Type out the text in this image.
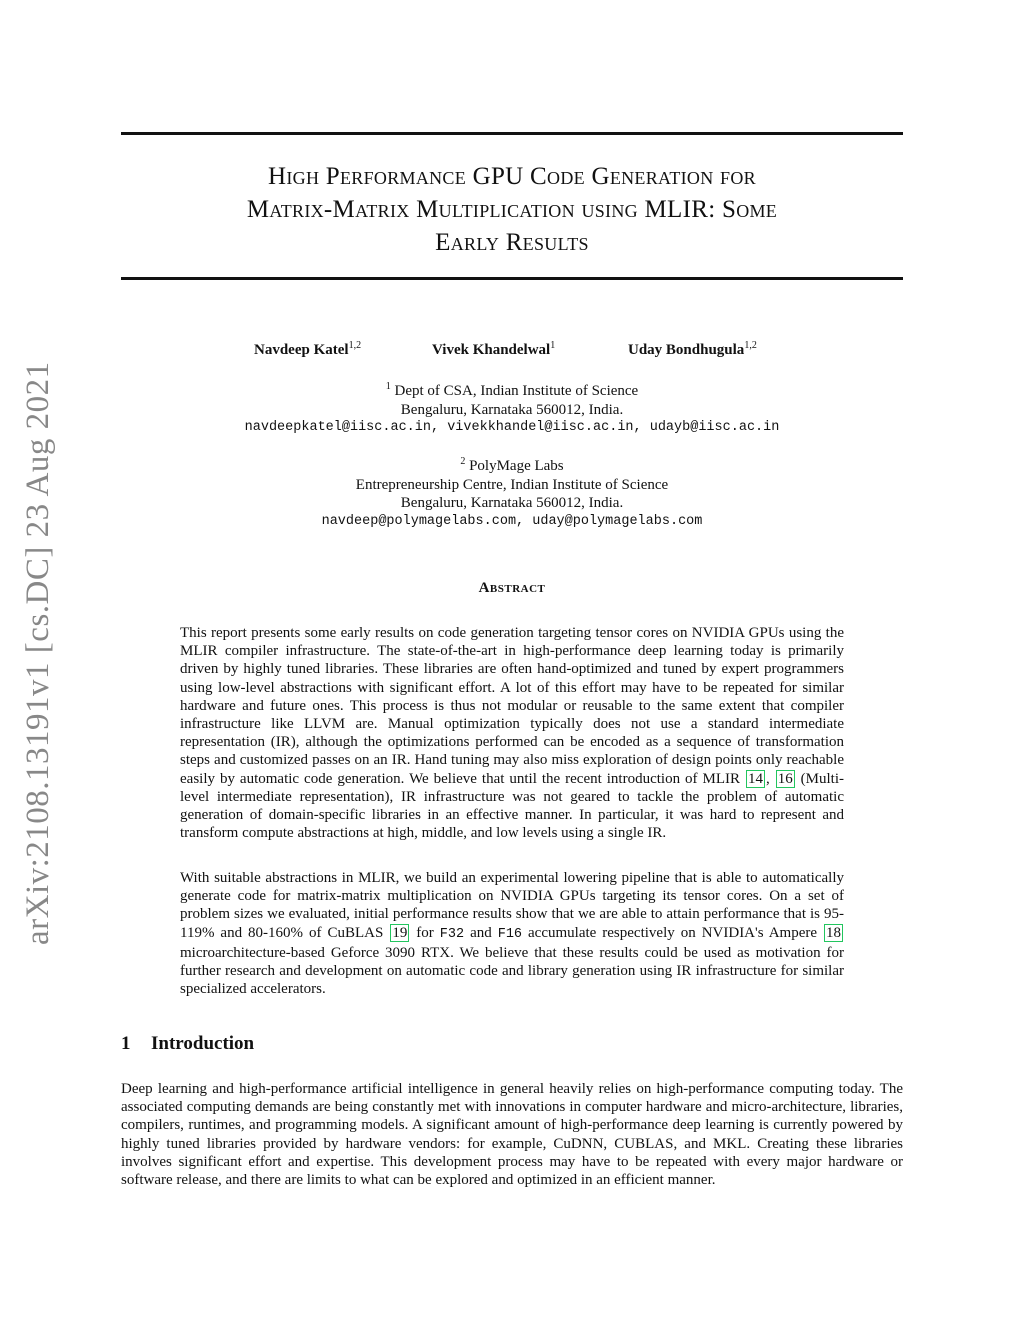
arXiv:2108.13191v1 [cs.DC] 23 Aug 2021
High Performance GPU Code Generation for
Matrix-Matrix Multiplication using MLIR: Some
Early Results
Navdeep Katel$^{1,2}$	Vivek Khandelwal$^1$	Uday Bondhugula$^{1,2}$
$^1$ Dept of CSA, Indian Institute of Science
Bengaluru, Karnataka 560012, India.
navdeepkatel@iisc.ac.in, vivekkhandel@iisc.ac.in, udayb@iisc.ac.in
$^2$ PolyMage Labs
Entrepreneurship Centre, Indian Institute of Science
Bengaluru, Karnataka 560012, India.
navdeep@polymagelabs.com, uday@polymagelabs.com
Abstract

This report presents some early results on code generation targeting tensor cores on NVIDIA GPUs using the MLIR compiler infrastructure. The state-of-the-art in high-performance deep learning today is primarily driven by highly tuned libraries. These libraries are often hand-optimized and tuned by expert programmers using low-level abstractions with significant effort. A lot of this effort may have to be repeated for similar hardware and future ones. This process is thus not modular or reusable to the same extent that compiler infrastructure like LLVM are. Manual optimization typically does not use a standard intermediate representation (IR), although the optimizations performed can be encoded as a sequence of transformation steps and customized passes on an IR. Hand tuning may also miss exploration of design points only reachable easily by automatic code generation. We believe that until the recent introduction of MLIR 14 , 16 (Multi-level intermediate representation), IR infrastructure was not geared to tackle the problem of automatic generation of domain-specific libraries in an effective manner. In particular, it was hard to represent and transform compute abstractions at high, middle, and low levels using a single IR.

With suitable abstractions in MLIR, we build an experimental lowering pipeline that is able to automatically generate code for matrix-matrix multiplication on NVIDIA GPUs targeting its tensor cores. On a set of problem sizes we evaluated, initial performance results show that we are able to attain performance that is 95-119% and 80-160% of CuBLAS 19 for F32 and F16 accumulate respectively on NVIDIA's Ampere 18 microarchitecture-based Geforce 3090 RTX. We believe that these results could be used as motivation for further research and development on automatic code and library generation using IR infrastructure for similar specialized accelerators.

1 Introduction

Deep learning and high-performance artificial intelligence in general heavily relies on high-performance computing today. The associated computing demands are being constantly met with innovations in computer hardware and micro-architecture, libraries, compilers, runtimes, and programming models. A significant amount of high-performance deep learning is currently powered by highly tuned libraries provided by hardware vendors: for example, CuDNN, CUBLAS, and MKL. Creating these libraries involves significant effort and expertise. This development process may have to be repeated with every major hardware or software release, and there are limits to what can be explored and optimized in an efficient manner.
